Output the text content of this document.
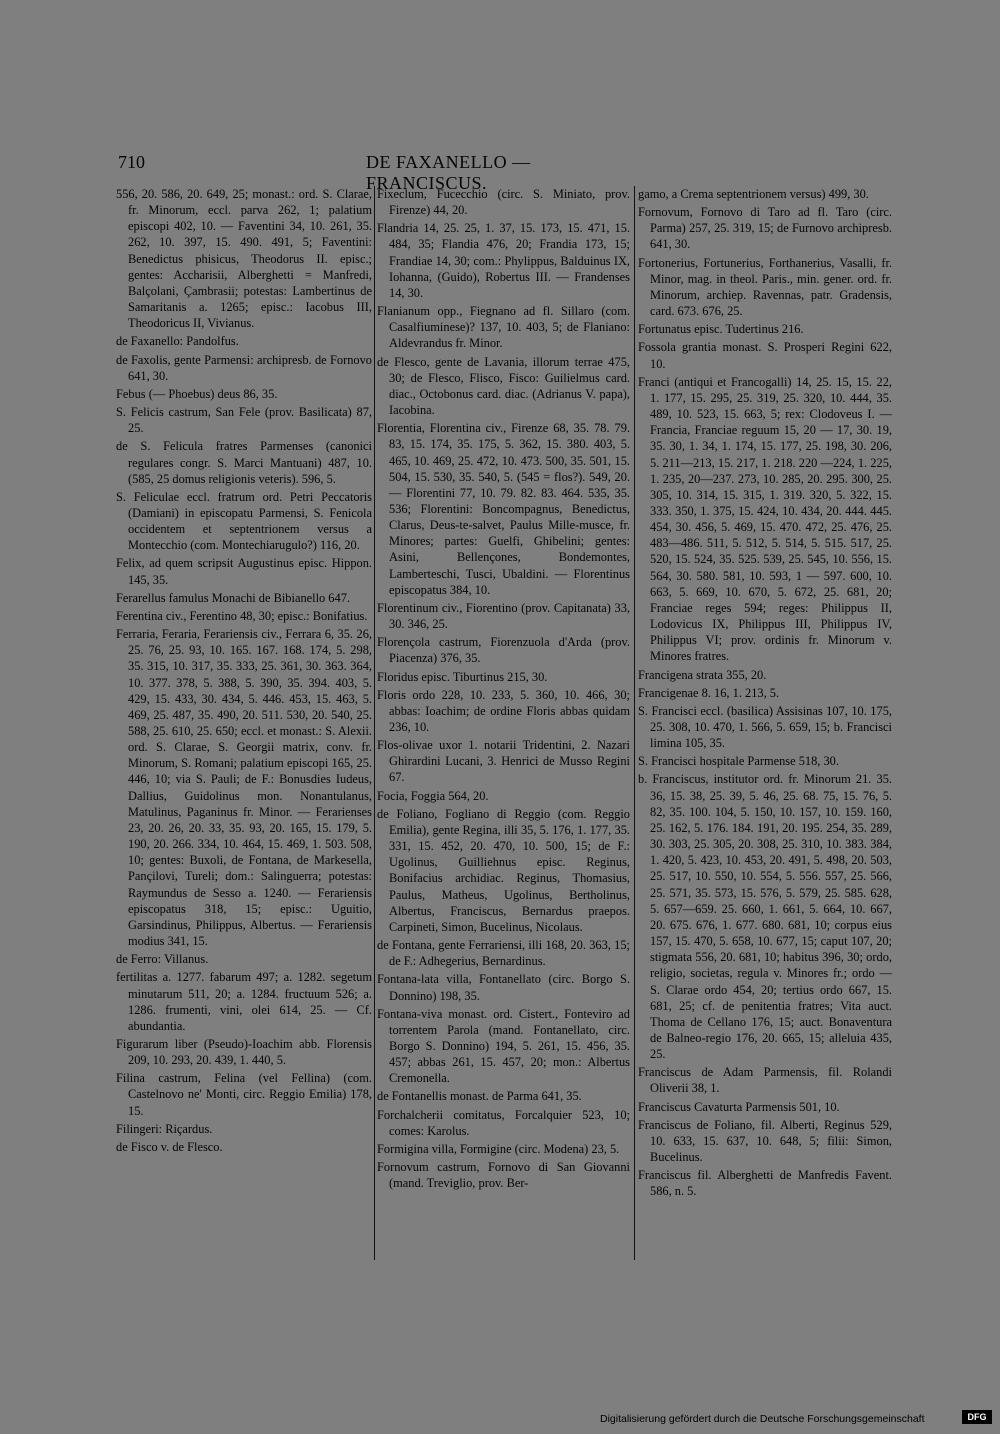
710	DE FAXANELLO — FRANCISCUS.

556, 20. 586, 20. 649, 25; monast.: ord. S. Clarae, fr. Minorum, eccl. parva 262, 1; palatium episcopi 402, 10. — Faventini 34, 10. 261, 35. 262, 10. 397, 15. 490. 491, 5; Faventini: Benedictus phisicus, Theodorus II. episc.; gentes: Accharisii, Alberghetti = Manfredi, Balçolani, Çambrasii; potestas: Lambertinus de Samaritanis a. 1265; episc.: Iacobus III, Theodoricus II, Vivianus.

de Faxanello: Pandolfus.

de Faxolis, gente Parmensi: archipresb. de Fornovo 641, 30.

Febus (— Phoebus) deus 86, 35.

S. Felicis castrum, San Fele (prov. Basilicata) 87, 25.

de S. Felicula fratres Parmenses (canonici regulares congr. S. Marci Mantuani) 487, 10. (585, 25 domus religionis veteris). 596, 5.

S. Feliculae eccl. fratrum ord. Petri Peccatoris (Damiani) in episcopatu Parmensi, S. Fenicola occidentem et septentrionem versus a Montecchio (com. Montechiarugulo?) 116, 20.

Felix, ad quem scripsit Augustinus episc. Hippon. 145, 35.

Ferarellus famulus Monachi de Bibianello 647.

Ferentina civ., Ferentino 48, 30; episc.: Bonifatius.

Ferraria, Feraria, Ferariensis civ., Ferrara 6, 35. 26, 25. 76, 25. 93, 10. 165. 167. 168. 174, 5. 298, 35. 315, 10. 317, 35. 333, 25. 361, 30. 363. 364, 10. 377. 378, 5. 388, 5. 390, 35. 394. 403, 5. 429, 15. 433, 30. 434, 5. 446. 453, 15. 463, 5. 469, 25. 487, 35. 490, 20. 511. 530, 20. 540, 25. 588, 25. 610, 25. 650; eccl. et monast.: S. Alexii. ord. S. Clarae, S. Georgii matrix, conv. fr. Minorum, S. Romani; palatium episcopi 165, 25. 446, 10; via S. Pauli; de F.: Bonusdies Iudeus, Dallius, Guidolinus mon. Nonantulanus, Matulinus, Paganinus fr. Minor. — Ferarienses 23, 20. 26, 20. 33, 35. 93, 20. 165, 15. 179, 5. 190, 20. 266. 334, 10. 464, 15. 469, 1. 503. 508, 10; gentes: Buxoli, de Fontana, de Markesella, Pançilovi, Tureli; dom.: Salinguerra; potestas: Raymundus de Sesso a. 1240. — Ferariensis episcopatus 318, 15; episc.: Uguitio, Garsindinus, Philippus, Albertus. — Ferariensis modius 341, 15.

de Ferro: Villanus.

fertilitas a. 1277. fabarum 497; a. 1282. segetum minutarum 511, 20; a. 1284. fructuum 526; a. 1286. frumenti, vini, olei 614, 25. — Cf. abundantia.

Figurarum liber (Pseudo)-Ioachim abb. Florensis 209, 10. 293, 20. 439, 1. 440, 5.

Filina castrum, Felina (vel Fellina) (com. Castelnovo ne' Monti, circ. Reggio Emilia) 178, 15.

Filingeri: Riçardus.

de Fisco v. de Flesco.

Fixeclum, Fucecchio (circ. S. Miniato, prov. Firenze) 44, 20.

Flandria 14, 25. 25, 1. 37, 15. 173, 15. 471, 15. 484, 35; Flandia 476, 20; Frandia 173, 15; Frandiae 14, 30; com.: Phylippus, Balduinus IX, Iohanna, (Guido), Robertus III. — Frandenses 14, 30.

Flanianum opp., Fiegnano ad fl. Sillaro (com. Casalfiuminese)? 137, 10. 403, 5; de Flaniano: Aldevrandus fr. Minor.

de Flesco, gente de Lavania, illorum terrae 475, 30; de Flesco, Flisco, Fisco: Guilielmus card. diac., Octobonus card. diac. (Adrianus V. papa), Iacobina.

Florentia, Florentina civ., Firenze 68, 35. 78. 79. 83, 15. 174, 35. 175, 5. 362, 15. 380. 403, 5. 465, 10. 469, 25. 472, 10. 473. 500, 35. 501, 15. 504, 15. 530, 35. 540, 5. (545 = flos?). 549, 20. — Florentini 77, 10. 79. 82. 83. 464. 535, 35. 536; Florentini: Boncompagnus, Benedictus, Clarus, Deus-te-salvet, Paulus Mille-musce, fr. Minores; partes: Guelfi, Ghibelini; gentes: Asini, Bellençones, Bondemontes, Lamberteschi, Tusci, Ubaldini. — Florentinus episcopatus 384, 10.

Florentinum civ., Fiorentino (prov. Capitanata) 33, 30. 346, 25.

Florençola castrum, Fiorenzuola d'Arda (prov. Piacenza) 376, 35.

Floridus episc. Tiburtinus 215, 30.

Floris ordo 228, 10. 233, 5. 360, 10. 466, 30; abbas: Ioachim; de ordine Floris abbas quidam 236, 10.

Flos-olivae uxor 1. notarii Tridentini, 2. Nazari Ghirardini Lucani, 3. Henrici de Musso Regini 67.

Focia, Foggia 564, 20.

de Foliano, Fogliano di Reggio (com. Reggio Emilia), gente Regina, illi 35, 5. 176, 1. 177, 35. 331, 15. 452, 20. 470, 10. 500, 15; de F.: Ugolinus, Guilliehnus episc. Reginus, Bonifacius archidiac. Reginus, Thomasius, Paulus, Matheus, Ugolinus, Bertholinus, Albertus, Franciscus, Bernardus praepos. Carpineti, Simon, Bucelinus, Nicolaus.

de Fontana, gente Ferrariensi, illi 168, 20. 363, 15; de F.: Adhegerius, Bernardinus.

Fontana-lata villa, Fontanellato (circ. Borgo S. Donnino) 198, 35.

Fontana-viva monast. ord. Cistert., Fonteviro ad torrentem Parola (mand. Fontanellato, circ. Borgo S. Donnino) 194, 5. 261, 15. 456, 35. 457; abbas 261, 15. 457, 20; mon.: Albertus Cremonella.

de Fontanellis monast. de Parma 641, 35.

Forchalcherii comitatus, Forcalquier 523, 10; comes: Karolus.

Formigina villa, Formigine (circ. Modena) 23, 5.

Fornovum castrum, Fornovo di San Giovanni (mand. Treviglio, prov. Ber-

gamo, a Crema septentrionem versus) 499, 30.

Fornovum, Fornovo di Taro ad fl. Taro (circ. Parma) 257, 25. 319, 15; de Furnovo archipresb. 641, 30.

Fortonerius, Fortunerius, Forthanerius, Vasalli, fr. Minor, mag. in theol. Paris., min. gener. ord. fr. Minorum, archiep. Ravennas, patr. Gradensis, card. 673. 676, 25.

Fortunatus episc. Tudertinus 216.

Fossola grantia monast. S. Prosperi Regini 622, 10.

Franci (antiqui et Francogalli) 14, 25. 15, 15. 22, 1. 177, 15. 295, 25. 319, 25. 320, 10. 444, 35. 489, 10. 523, 15. 663, 5; rex: Clodoveus I. — Francia, Franciae reguum 15, 20 — 17, 30. 19, 35. 30, 1. 34, 1. 174, 15. 177, 25. 198, 30. 206, 5. 211—213, 15. 217, 1. 218. 220 —224, 1. 225, 1. 235, 20—237. 273, 10. 285, 20. 295. 300, 25. 305, 10. 314, 15. 315, 1. 319. 320, 5. 322, 15. 333. 350, 1. 375, 15. 424, 10. 434, 20. 444. 445. 454, 30. 456, 5. 469, 15. 470. 472, 25. 476, 25. 483—486. 511, 5. 512, 5. 514, 5. 515. 517, 25. 520, 15. 524, 35. 525. 539, 25. 545, 10. 556, 15. 564, 30. 580. 581, 10. 593, 1 — 597. 600, 10. 663, 5. 669, 10. 670, 5. 672, 25. 681, 20; Franciae reges 594; reges: Philippus II, Lodovicus IX, Philippus III, Philippus IV, Philippus VI; prov. ordinis fr. Minorum v. Minores fratres.

Francigena strata 355, 20.

Francigenae 8. 16, 1. 213, 5.

S. Francisci eccl. (basilica) Assisinas 107, 10. 175, 25. 308, 10. 470, 1. 566, 5. 659, 15; b. Francisci limina 105, 35.

S. Francisci hospitale Parmense 518, 30.

b. Franciscus, institutor ord. fr. Minorum 21. 35. 36, 15. 38, 25. 39, 5. 46, 25. 68. 75, 15. 76, 5. 82, 35. 100. 104, 5. 150, 10. 157, 10. 159. 160, 25. 162, 5. 176. 184. 191, 20. 195. 254, 35. 289, 30. 303, 25. 305, 20. 308, 25. 310, 10. 383. 384, 1. 420, 5. 423, 10. 453, 20. 491, 5. 498, 20. 503, 25. 517, 10. 550, 10. 554, 5. 556. 557, 25. 566, 25. 571, 35. 573, 15. 576, 5. 579, 25. 585. 628, 5. 657—659. 25. 660, 1. 661, 5. 664, 10. 667, 20. 675. 676, 1. 677. 680. 681, 10; corpus eius 157, 15. 470, 5. 658, 10. 677, 15; caput 107, 20; stigmata 556, 20. 681, 10; habitus 396, 30; ordo, religio, societas, regula v. Minores fr.; ordo — S. Clarae ordo 454, 20; tertius ordo 667, 15. 681, 25; cf. de penitentia fratres; Vita auct. Thoma de Cellano 176, 15; auct. Bonaventura de Balneo-regio 176, 20. 665, 15; alleluia 435, 25.

Franciscus de Adam Parmensis, fil. Rolandi Oliverii 38, 1.

Franciscus Cavaturta Parmensis 501, 10.

Franciscus de Foliano, fil. Alberti, Reginus 529, 10. 633, 15. 637, 10. 648, 5; filii: Simon, Bucelinus.

Franciscus fil. Alberghetti de Manfredis Favent. 586, n. 5.

Digitalisierung gefördert durch die Deutsche Forschungsgemeinschaft	DFG
